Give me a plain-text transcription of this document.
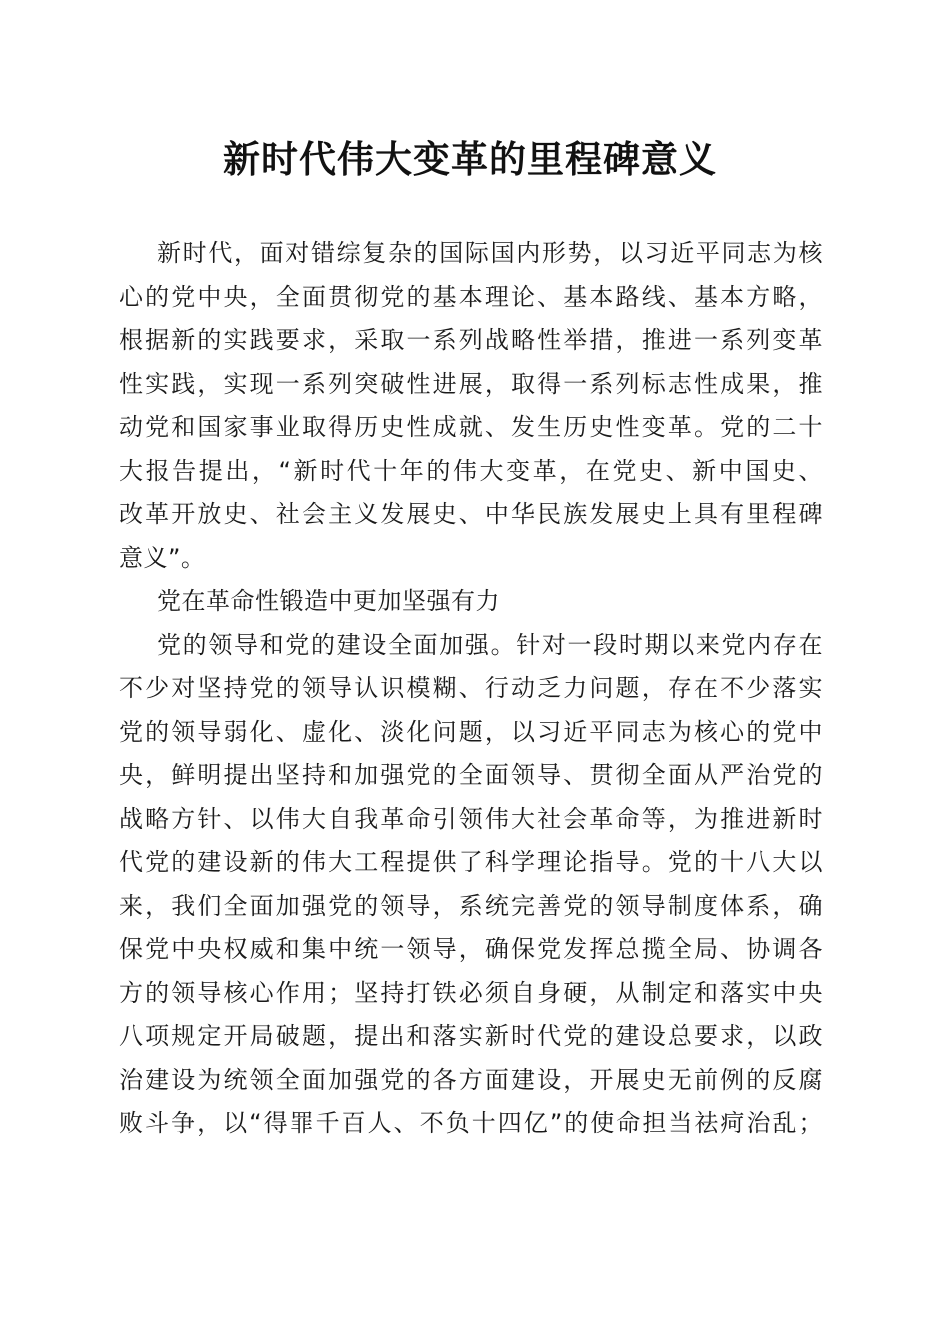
新时代伟大变革的里程碑意义
新时代，面对错综复杂的国际国内形势，以习近平同志为核
心的党中央，全面贯彻党的基本理论、基本路线、基本方略，
根据新的实践要求，采取一系列战略性举措，推进一系列变革
性实践，实现一系列突破性进展，取得一系列标志性成果，推
动党和国家事业取得历史性成就、发生历史性变革。党的二十
大报告提出，“新时代十年的伟大变革，在党史、新中国史、
改革开放史、社会主义发展史、中华民族发展史上具有里程碑
意义”。
党在革命性锻造中更加坚强有力
党的领导和党的建设全面加强。针对一段时期以来党内存在
不少对坚持党的领导认识模糊、行动乏力问题，存在不少落实
党的领导弱化、虚化、淡化问题，以习近平同志为核心的党中
央，鲜明提出坚持和加强党的全面领导、贯彻全面从严治党的
战略方针、以伟大自我革命引领伟大社会革命等，为推进新时
代党的建设新的伟大工程提供了科学理论指导。党的十八大以
来，我们全面加强党的领导，系统完善党的领导制度体系，确
保党中央权威和集中统一领导，确保党发挥总揽全局、协调各
方的领导核心作用；坚持打铁必须自身硬，从制定和落实中央
八项规定开局破题，提出和落实新时代党的建设总要求，以政
治建设为统领全面加强党的各方面建设，开展史无前例的反腐
败斗争，以“得罪千百人、不负十四亿”的使命担当祛疴治乱；
